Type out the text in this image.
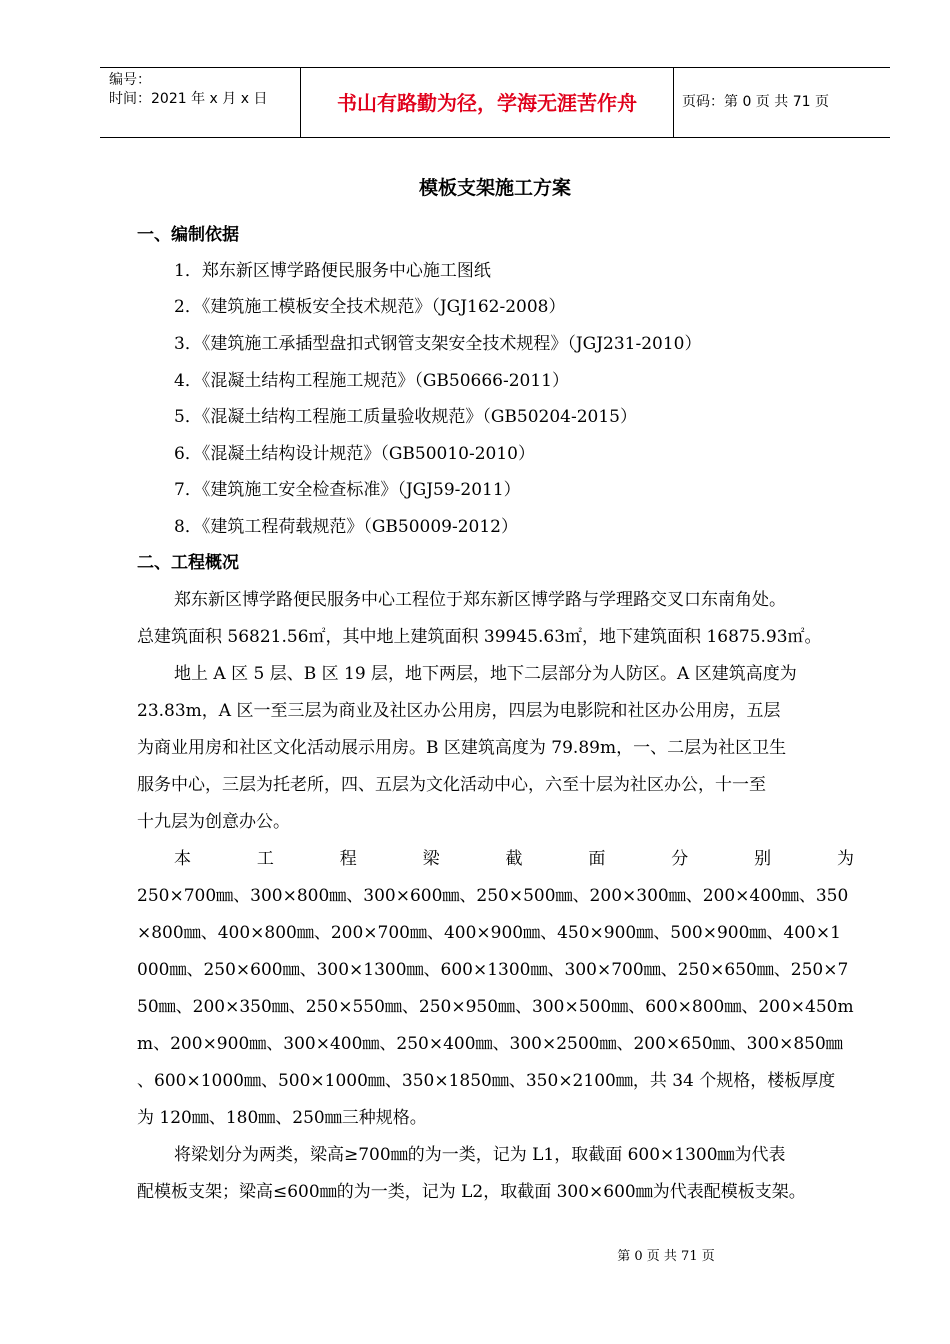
编号：
时间：2021 年 x 月 x 日	书山有路勤为径，学海无涯苦作舟	页码：第 0 页 共 71 页
模板支架施工方案
一、编制依据
1．郑东新区博学路便民服务中心施工图纸
2．《建筑施工模板安全技术规范》（JGJ162-2008）
3．《建筑施工承插型盘扣式钢管支架安全技术规程》（JGJ231-2010）
4．《混凝土结构工程施工规范》（GB50666-2011）
5．《混凝土结构工程施工质量验收规范》（GB50204-2015）
6．《混凝土结构设计规范》（GB50010-2010）
7．《建筑施工安全检查标准》（JGJ59-2011）
8．《建筑工程荷载规范》（GB50009-2012）
二、工程概况
郑东新区博学路便民服务中心工程位于郑东新区博学路与学理路交叉口东南角处。
总建筑面积 56821.56㎡，其中地上建筑面积 39945.63㎡，地下建筑面积 16875.93㎡。
地上 A 区 5 层、B 区 19 层，地下两层，地下二层部分为人防区。A 区建筑高度为
23.83m，A 区一至三层为商业及社区办公用房，四层为电影院和社区办公用房，五层
为商业用房和社区文化活动展示用房。B 区建筑高度为 79.89m，一、二层为社区卫生
服务中心，三层为托老所，四、五层为文化活动中心，六至十层为社区办公，十一至
十九层为创意办公。
本	工	程	梁	截	面	分	别	为
250×700㎜、300×800㎜、300×600㎜、250×500㎜、200×300㎜、200×400㎜、350
×800㎜、400×800㎜、200×700㎜、400×900㎜、450×900㎜、500×900㎜、400×1
000㎜、250×600㎜、300×1300㎜、600×1300㎜、300×700㎜、250×650㎜、250×7
50㎜、200×350㎜、250×550㎜、250×950㎜、300×500㎜、600×800㎜、200×450m
m、200×900㎜、300×400㎜、250×400㎜、300×2500㎜、200×650㎜、300×850㎜
、600×1000㎜、500×1000㎜、350×1850㎜、350×2100㎜，共 34 个规格，楼板厚度
为 120㎜、180㎜、250㎜三种规格。
将梁划分为两类，梁高≥700㎜的为一类，记为 L1，取截面 600×1300㎜为代表
配模板支架；梁高≤600㎜的为一类，记为 L2，取截面 300×600㎜为代表配模板支架。
第 0 页 共 71 页
